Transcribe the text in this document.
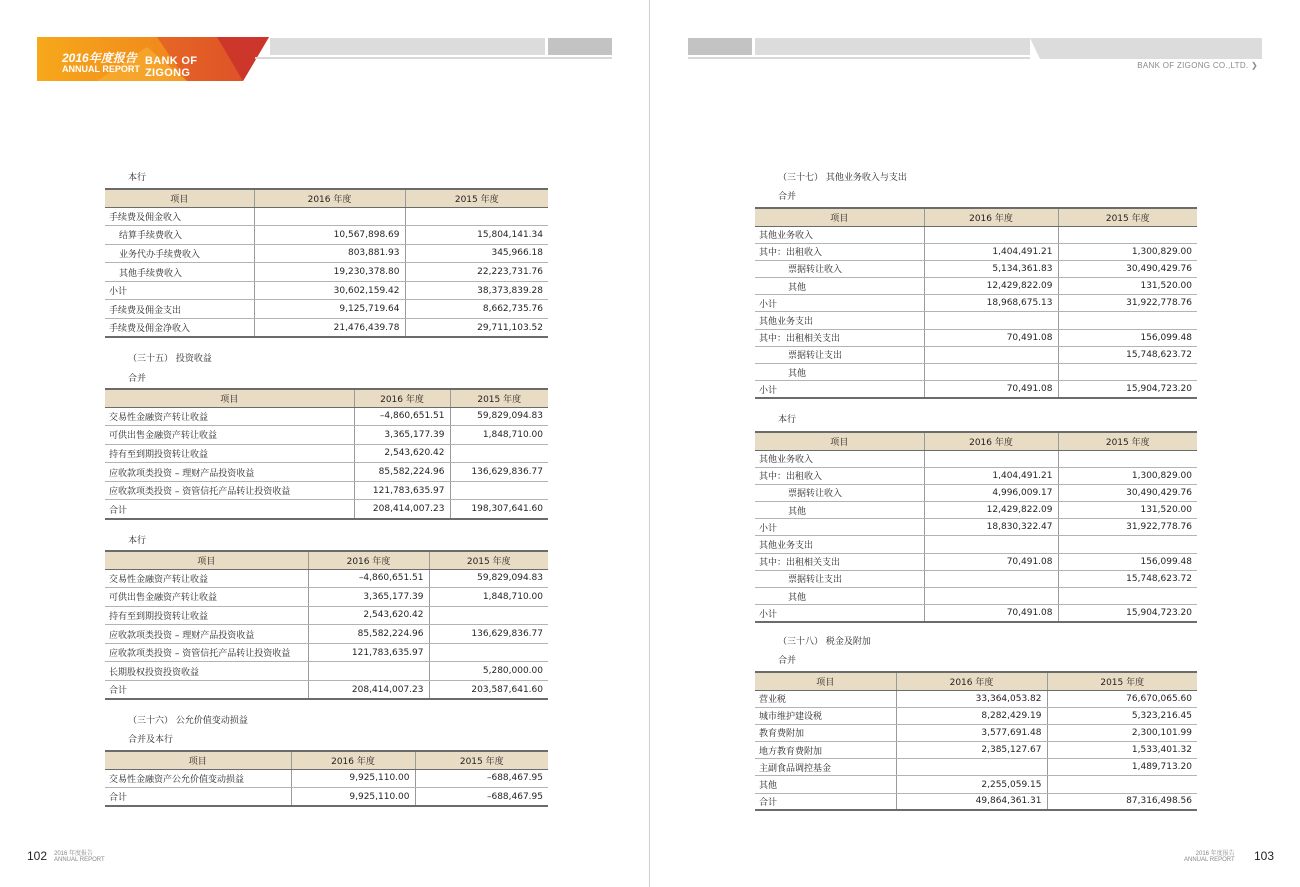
2016年度报告
ANNUAL REPORT
BANK OF
ZIGONG
BANK OF ZIGONG CO.,LTD. ❯
本行
项目	2016 年度	2015 年度
手续费及佣金收入		
结算手续费收入	10,567,898.69	15,804,141.34
业务代办手续费收入	803,881.93	345,966.18
其他手续费收入	19,230,378.80	22,223,731.76
小计	30,602,159.42	38,373,839.28
手续费及佣金支出	9,125,719.64	8,662,735.76
手续费及佣金净收入	21,476,439.78	29,711,103.52
（三十五） 投资收益
合并
项目	2016 年度	2015 年度
交易性金融资产转让收益	–4,860,651.51	59,829,094.83
可供出售金融资产转让收益	3,365,177.39	1,848,710.00
持有至到期投资转让收益	2,543,620.42	
应收款项类投资 – 理财产品投资收益	85,582,224.96	136,629,836.77
应收款项类投资 – 资管信托产品转让投资收益	121,783,635.97	
合计	208,414,007.23	198,307,641.60
本行
项目	2016 年度	2015 年度
交易性金融资产转让收益	–4,860,651.51	59,829,094.83
可供出售金融资产转让收益	3,365,177.39	1,848,710.00
持有至到期投资转让收益	2,543,620.42	
应收款项类投资 – 理财产品投资收益	85,582,224.96	136,629,836.77
应收款项类投资 – 资管信托产品转让投资收益	121,783,635.97	
长期股权投资投资收益		5,280,000.00
合计	208,414,007.23	203,587,641.60
（三十六） 公允价值变动损益
合并及本行
项目	2016 年度	2015 年度
交易性金融资产公允价值变动损益	9,925,110.00	–688,467.95
合计	9,925,110.00	–688,467.95
102 2016 年度报告
ANNUAL REPORT
（三十七） 其他业务收入与支出
合并
项目	2016 年度	2015 年度
其他业务收入		
其中：出租收入	1,404,491.21	1,300,829.00
票据转让收入	5,134,361.83	30,490,429.76
其他	12,429,822.09	131,520.00
小计	18,968,675.13	31,922,778.76
其他业务支出		
其中：出租相关支出	70,491.08	156,099.48
票据转让支出		15,748,623.72
其他		
小计	70,491.08	15,904,723.20
本行
项目	2016 年度	2015 年度
其他业务收入		
其中：出租收入	1,404,491.21	1,300,829.00
票据转让收入	4,996,009.17	30,490,429.76
其他	12,429,822.09	131,520.00
小计	18,830,322.47	31,922,778.76
其他业务支出		
其中：出租相关支出	70,491.08	156,099.48
票据转让支出		15,748,623.72
其他		
小计	70,491.08	15,904,723.20
（三十八） 税金及附加
合并
项目	2016 年度	2015 年度
营业税	33,364,053.82	76,670,065.60
城市维护建设税	8,282,429.19	5,323,216.45
教育费附加	3,577,691.48	2,300,101.99
地方教育费附加	2,385,127.67	1,533,401.32
主副食品调控基金		1,489,713.20
其他	2,255,059.15	
合计	49,864,361.31	87,316,498.56
103
2016 年度报告
ANNUAL REPORT
